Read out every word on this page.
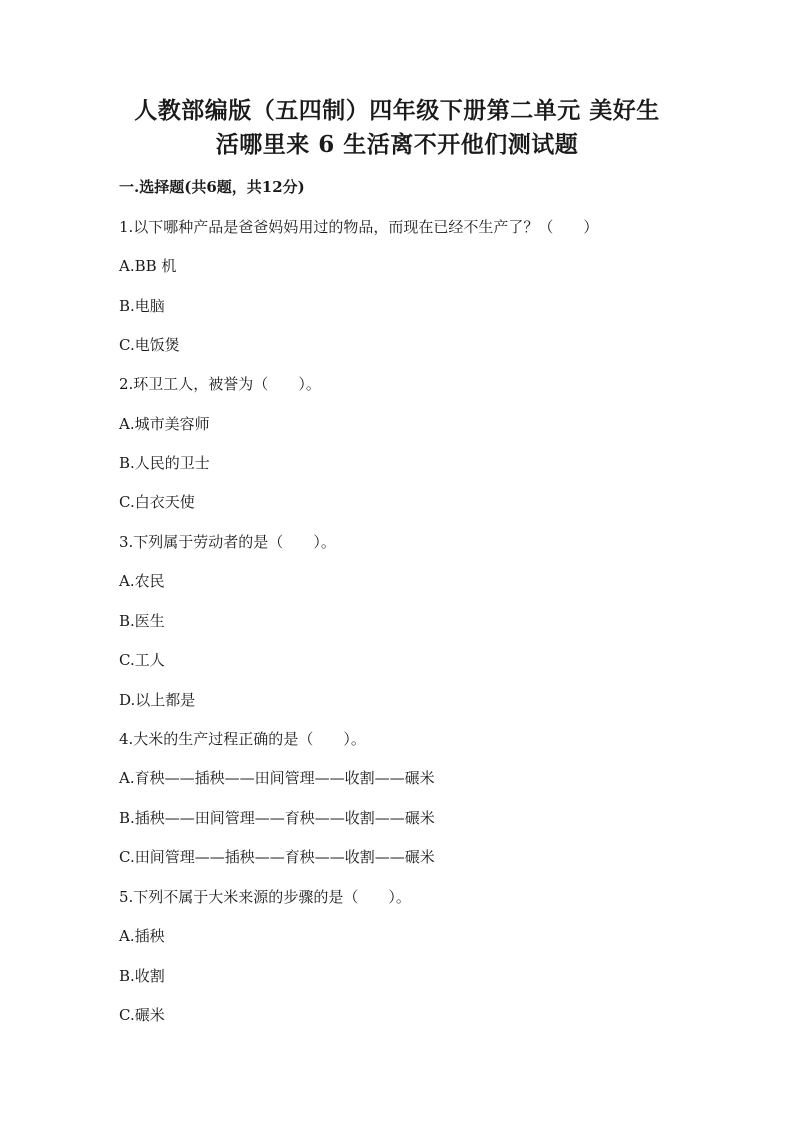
人教部编版（五四制）四年级下册第二单元 美好生
活哪里来 6 生活离不开他们测试题
一.选择题(共6题，共12分)
1.以下哪种产品是爸爸妈妈用过的物品，而现在已经不生产了？（　　）
A.BB 机
B.电脑
C.电饭煲
2.环卫工人，被誉为（　　）。
A.城市美容师
B.人民的卫士
C.白衣天使
3.下列属于劳动者的是（　　）。
A.农民
B.医生
C.工人
D.以上都是
4.大米的生产过程正确的是（　　）。
A.育秧——插秧——田间管理——收割——碾米
B.插秧——田间管理——育秧——收割——碾米
C.田间管理——插秧——育秧——收割——碾米
5.下列不属于大米来源的步骤的是（　　）。
A.插秧
B.收割
C.碾米
